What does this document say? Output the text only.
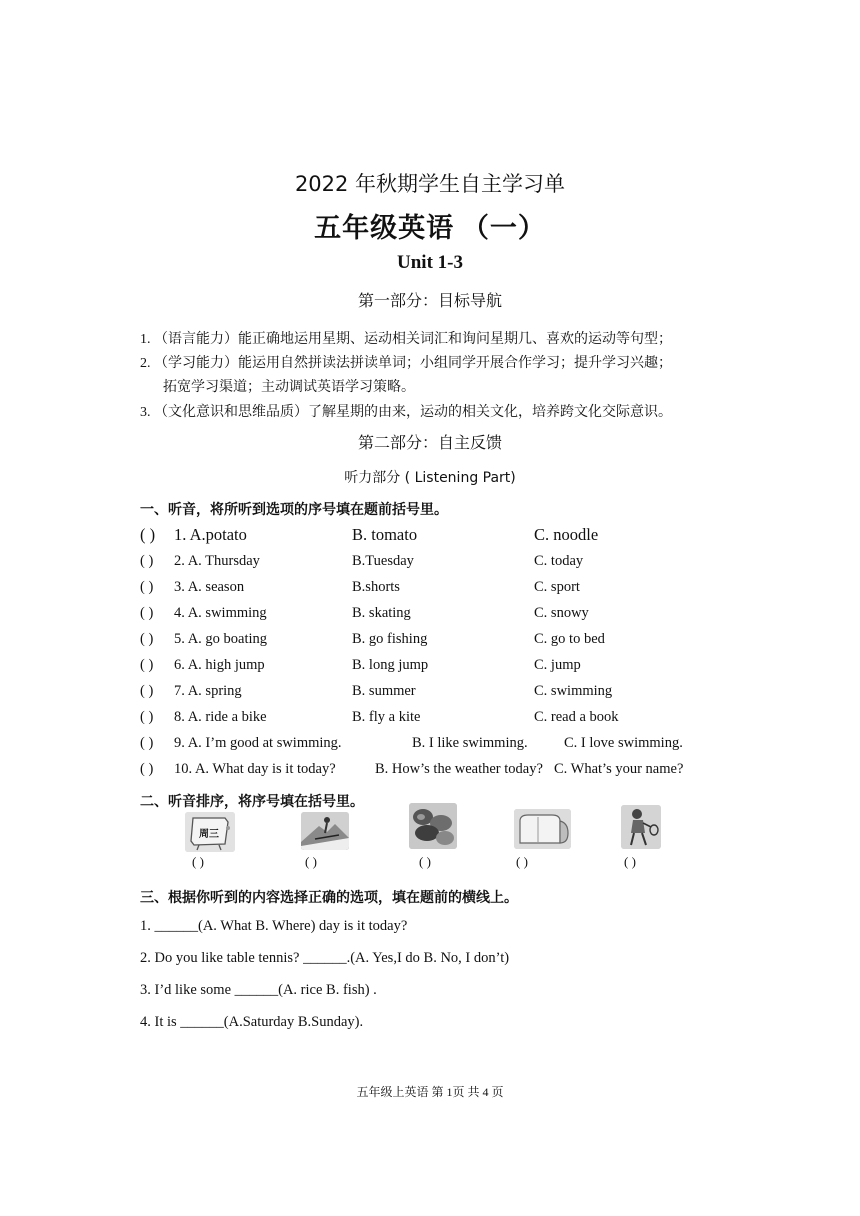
2022 年秋期学生自主学习单
五年级英语 （一）
Unit 1-3
第一部分：目标导航
1. （语言能力）能正确地运用星期、运动相关词汇和询问星期几、喜欢的运动等句型；
2. （学习能力）能运用自然拼读法拼读单词；小组同学开展合作学习；提升学习兴趣；
拓宽学习渠道；主动调试英语学习策略。
3. （文化意识和思维品质）了解星期的由来，运动的相关文化，培养跨文化交际意识。
第二部分：自主反馈
听力部分 ( Listening Part)
一、听音，将所听到选项的序号填在题前括号里。
( ) 1. A.potato	B. tomato	C. noodle
( ) 2. A. Thursday	B.Tuesday	C. today
( ) 3. A. season	B.shorts	C. sport
( ) 4. A. swimming	B. skating	C. snowy
( ) 5. A. go boating	B. go fishing	C. go to bed
( ) 6. A. high jump	B. long jump	C. jump
( ) 7. A. spring	B. summer	C. swimming
( ) 8. A. ride a bike	B. fly a kite	C. read a book
( ) 9. A. I’m good at swimming.	B. I like swimming.	C. I love swimming.
( ) 10. A. What day is it today?	B. How’s the weather today? C. What’s your name?
二、听音排序，将序号填在括号里。
周三
( )	( )	( )	( )	( )
三、根据你听到的内容选择正确的选项，填在题前的横线上。
1. ______(A. What B. Where) day is it today?
2. Do you like table tennis? ______.(A. Yes,I do B. No, I don’t)
3. I’d like some ______(A. rice B. fish) .
4. It is ______(A.Saturday B.Sunday).
五年级上英语 第 1页 共 4 页
